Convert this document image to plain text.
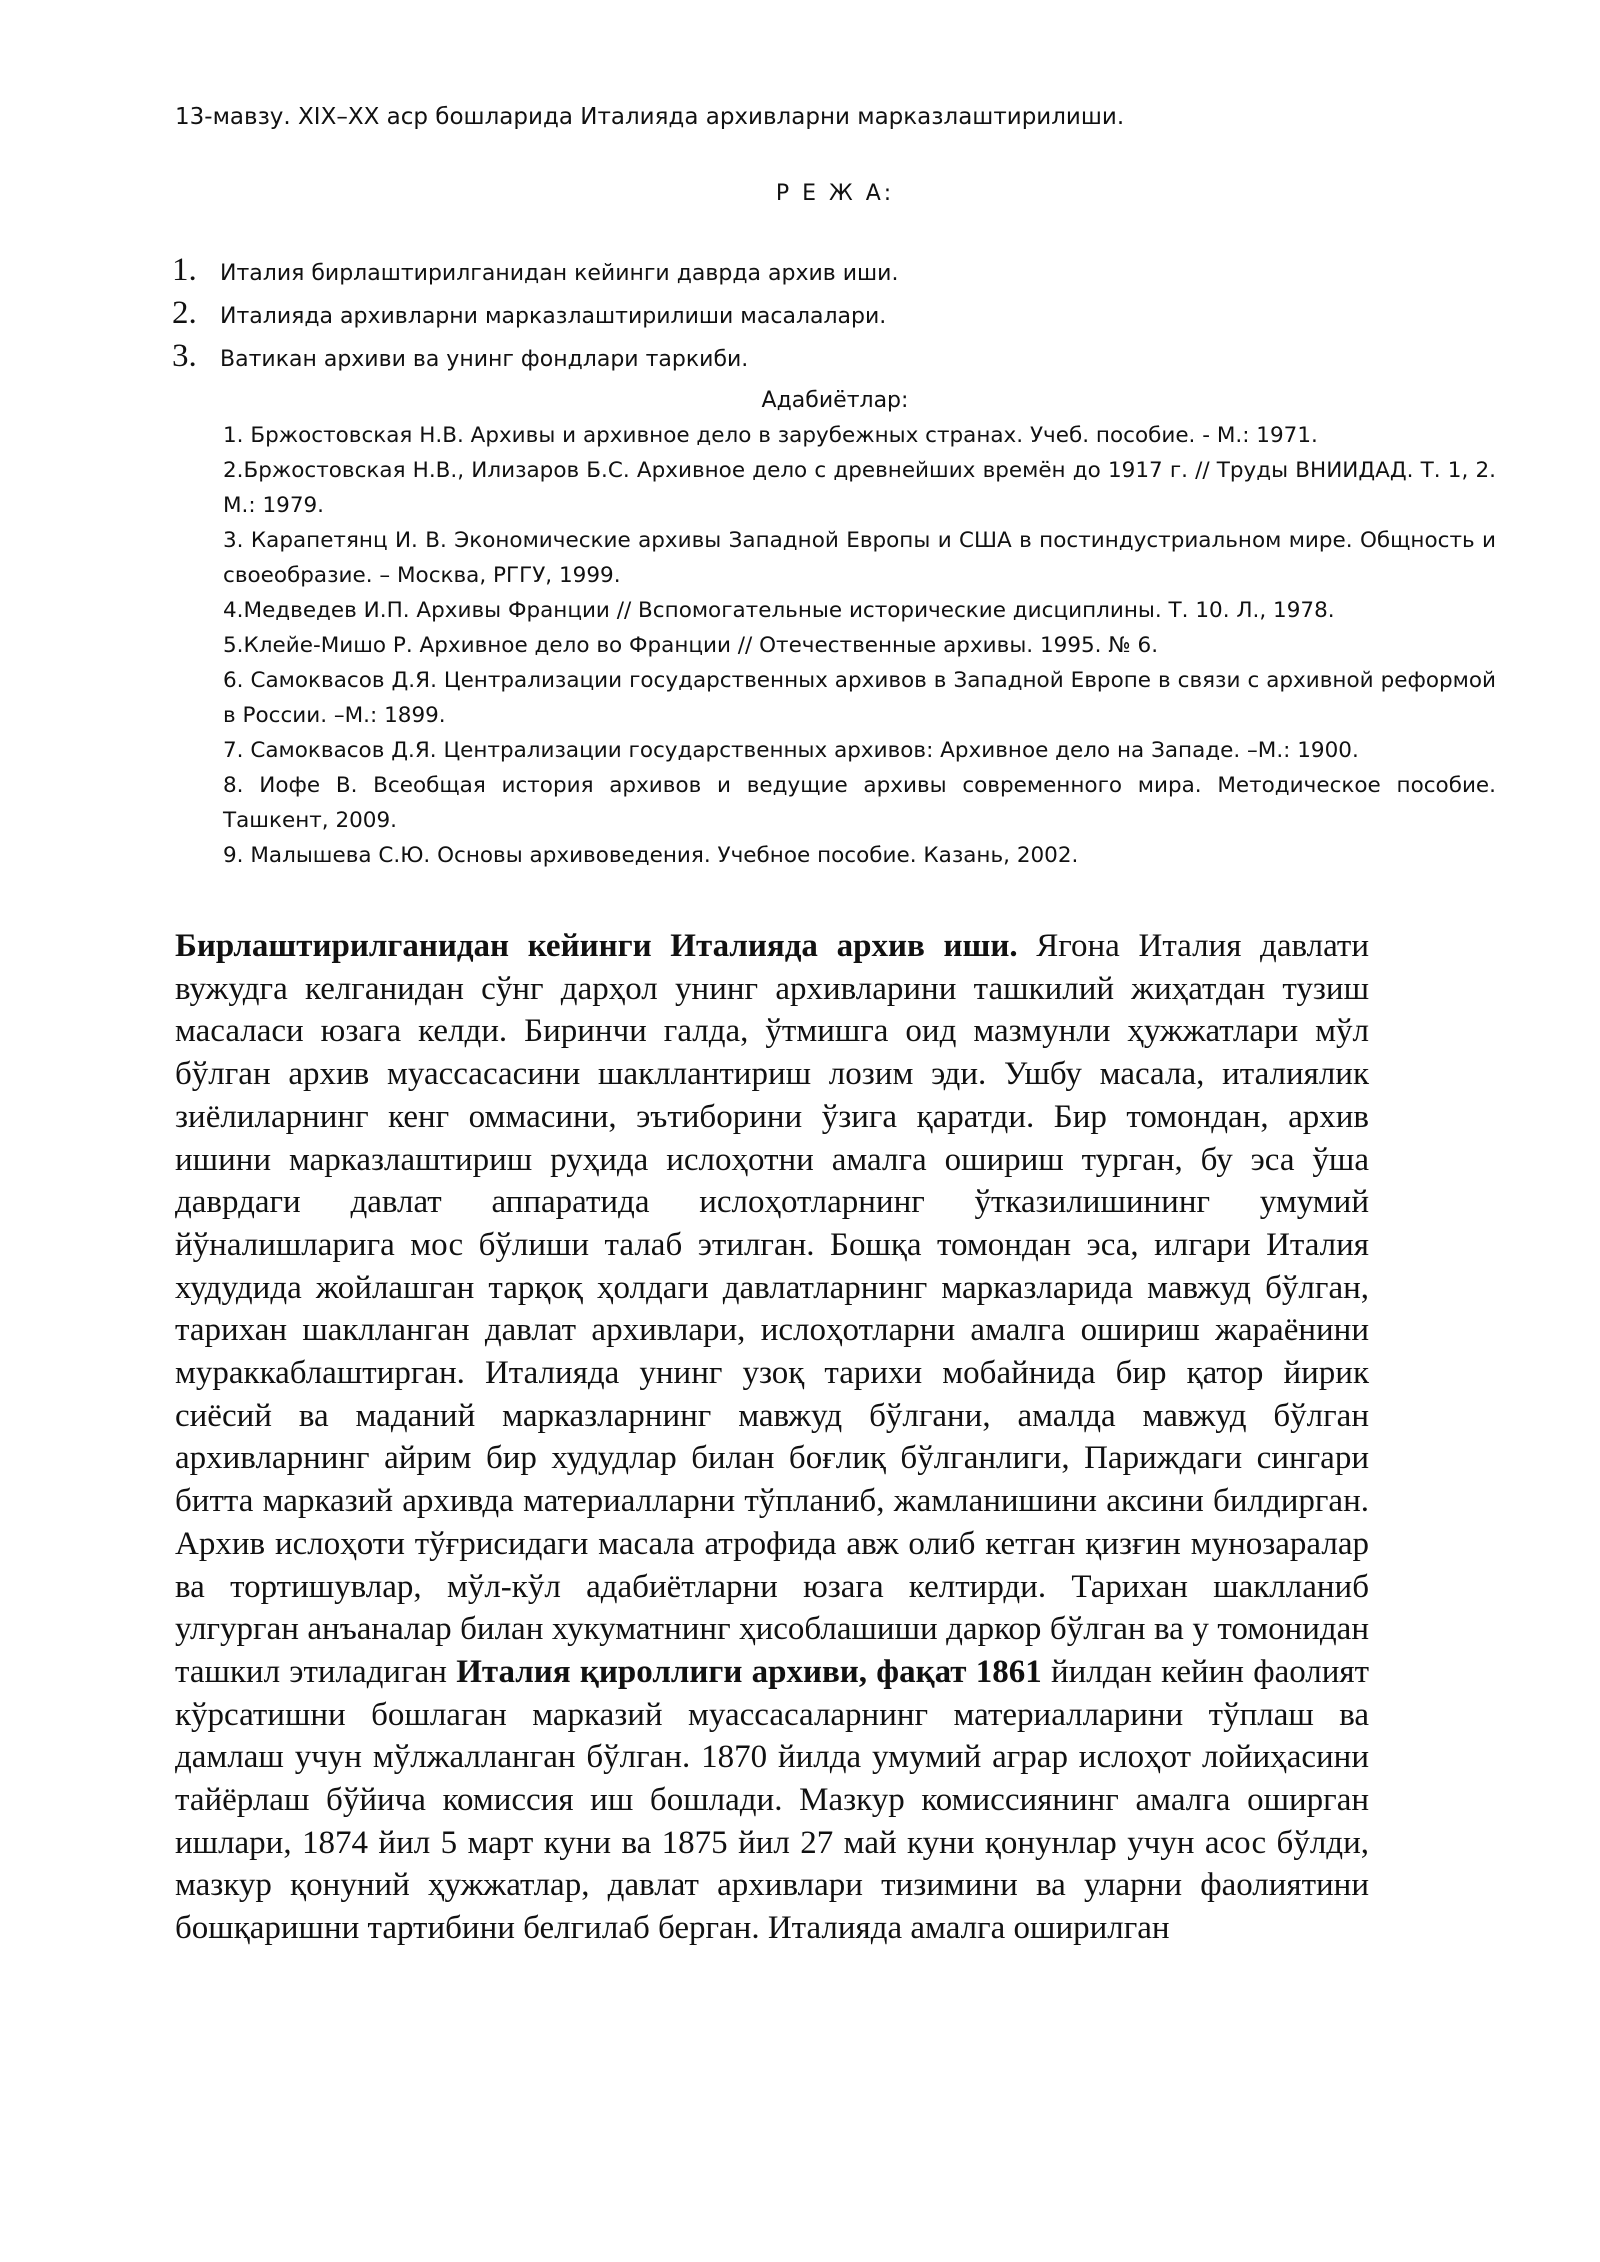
13-мавзу. XIX–XX аср бошларида Италияда архивларни марказлаштирилиши.
Р Е Ж А:
1.	Италия бирлаштирилганидан кейинги даврда архив иши.
2.	Италияда архивларни марказлаштирилиши масалалари.
3.	Ватикан архиви ва унинг фондлари таркиби.
Адабиётлар:

1. Бржостовская Н.В. Архивы и архивное дело в зарубежных странах. Учеб. пособие. - М.: 1971.

2.Бржостовская Н.В., Илизаров Б.С. Архивное дело с древнейших времён до 1917 г. // Труды ВНИИДАД. Т. 1, 2. М.: 1979.

3. Карапетянц И. В. Экономические архивы Западной Европы и США в постиндустриальном мире. Общность и своеобразие. – Москва, РГГУ, 1999.

4.Медведев И.П. Архивы Франции // Вспомогательные исторические дисциплины. Т. 10. Л., 1978.

5.Клейе-Мишо Р. Архивное дело во Франции // Отечественные архивы. 1995. № 6.

6. Самоквасов Д.Я. Централизации государственных архивов в Западной Европе в связи с архивной реформой в России. –М.: 1899.

7. Самоквасов Д.Я. Централизации государственных архивов: Архивное дело на Западе. –М.: 1900.

8. Иофе В. Всеобщая история архивов и ведущие архивы современного мира. Методическое пособие. Ташкент, 2009.

9. Малышева С.Ю. Основы архивоведения. Учебное пособие. Казань, 2002.

Бирлаштирилганидан кейинги Италияда архив иши. Ягона Италия давлати вужудга келганидан сўнг дарҳол унинг архивларини ташкилий жиҳатдан тузиш масаласи юзага келди. Биринчи галда, ўтмишга оид мазмунли ҳужжатлари мўл бўлган архив муассасасини шакллантириш лозим эди. Ушбу масала, италиялик зиёлиларнинг кенг оммасини, эътиборини ўзига қаратди. Бир томондан, архив ишини марказлаштириш руҳида ислоҳотни амалга ошириш турган, бу эса ўша даврдаги давлат аппаратида ислоҳотларнинг ўтказилишининг умумий йўналишларига мос бўлиши талаб этилган. Бошқа томондан эса, илгари Италия худудида жойлашган тарқоқ ҳолдаги давлатларнинг марказларида мавжуд бўлган, тарихан шаклланган давлат архивлари, ислоҳотларни амалга ошириш жараёнини мураккаблаштирган. Италияда унинг узоқ тарихи мобайнида бир қатор йирик сиёсий ва маданий марказларнинг мавжуд бўлгани, амалда мавжуд бўлган архивларнинг айрим бир худудлар билан боғлиқ бўлганлиги, Париждаги сингари битта марказий архивда материалларни тўпланиб, жамланишини аксини билдирган. Архив ислоҳоти тўғрисидаги масала атрофида авж олиб кетган қизғин мунозаралар ва тортишувлар, мўл-кўл адабиётларни юзага келтирди. Тарихан шаклланиб улгурган анъаналар билан хукуматнинг ҳисоблашиши даркор бўлган ва у томонидан ташкил этиладиган Италия қироллиги архиви, фақат 1861 йилдан кейин фаолият кўрсатишни бошлаган марказий муассасаларнинг материалларини тўплаш ва дамлаш учун мўлжалланган бўлган. 1870 йилда умумий аграр ислоҳот лойиҳасини тайёрлаш бўйича комиссия иш бошлади. Мазкур комиссиянинг амалга оширган ишлари, 1874 йил 5 март куни ва 1875 йил 27 май куни қонунлар учун асос бўлди, мазкур қонуний ҳужжатлар, давлат архивлари тизимини ва уларни фаолиятини бошқаришни тартибини белгилаб берган. Италияда амалга оширилган
